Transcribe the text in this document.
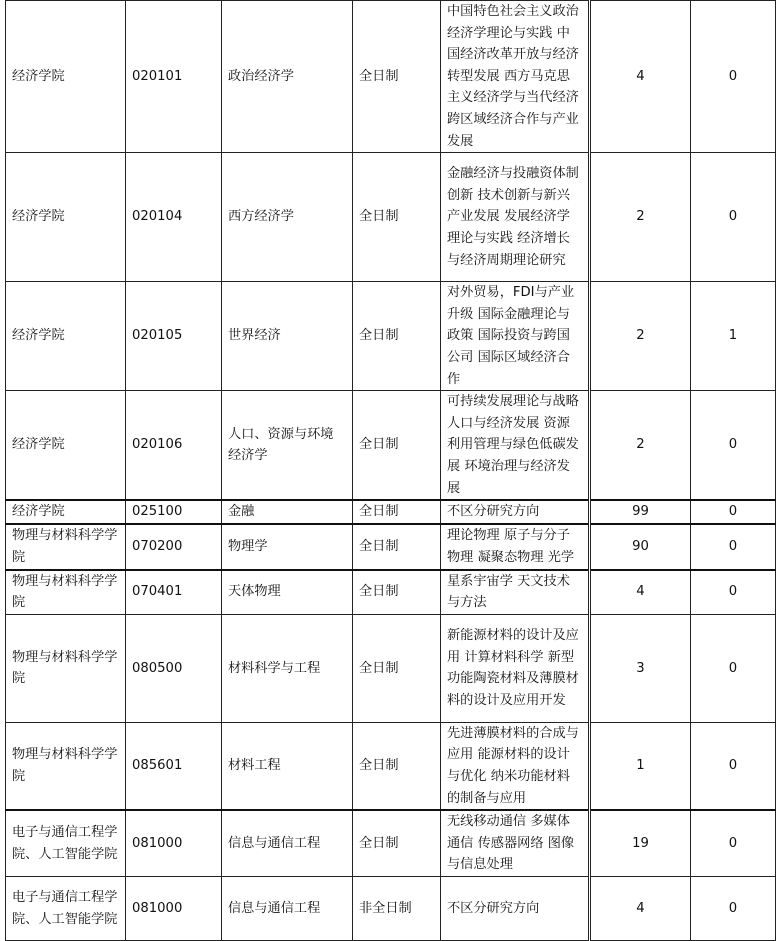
经济学院	020101	政治经济学	全日制	中国特色社会主义政治经济学理论与实践 中国经济改革开放与经济转型发展 西方马克思主义经济学与当代经济 跨区域经济合作与产业发展	4	0
经济学院	020104	西方经济学	全日制	金融经济与投融资体制创新 技术创新与新兴产业发展 发展经济学理论与实践 经济增长与经济周期理论研究	2	0
经济学院	020105	世界经济	全日制	对外贸易，FDI与产业升级 国际金融理论与政策 国际投资与跨国公司 国际区域经济合作	2	1
经济学院	020106	人口、资源与环境经济学	全日制	可持续发展理论与战略 人口与经济发展 资源利用管理与绿色低碳发展 环境治理与经济发展	2	0
经济学院	025100	金融	全日制	不区分研究方向	99	0
物理与材料科学学院	070200	物理学	全日制	理论物理 原子与分子物理 凝聚态物理 光学	90	0
物理与材料科学学院	070401	天体物理	全日制	星系宇宙学 天文技术与方法	4	0
物理与材料科学学院	080500	材料科学与工程	全日制	新能源材料的设计及应用 计算材料科学 新型功能陶瓷材料及薄膜材料的设计及应用开发	3	0
物理与材料科学学院	085601	材料工程	全日制	先进薄膜材料的合成与应用 能源材料的设计与优化 纳米功能材料的制备与应用	1	0
电子与通信工程学院、人工智能学院	081000	信息与通信工程	全日制	无线移动通信 多媒体通信 传感器网络 图像与信息处理	19	0
电子与通信工程学院、人工智能学院	081000	信息与通信工程	非全日制	不区分研究方向	4	0
